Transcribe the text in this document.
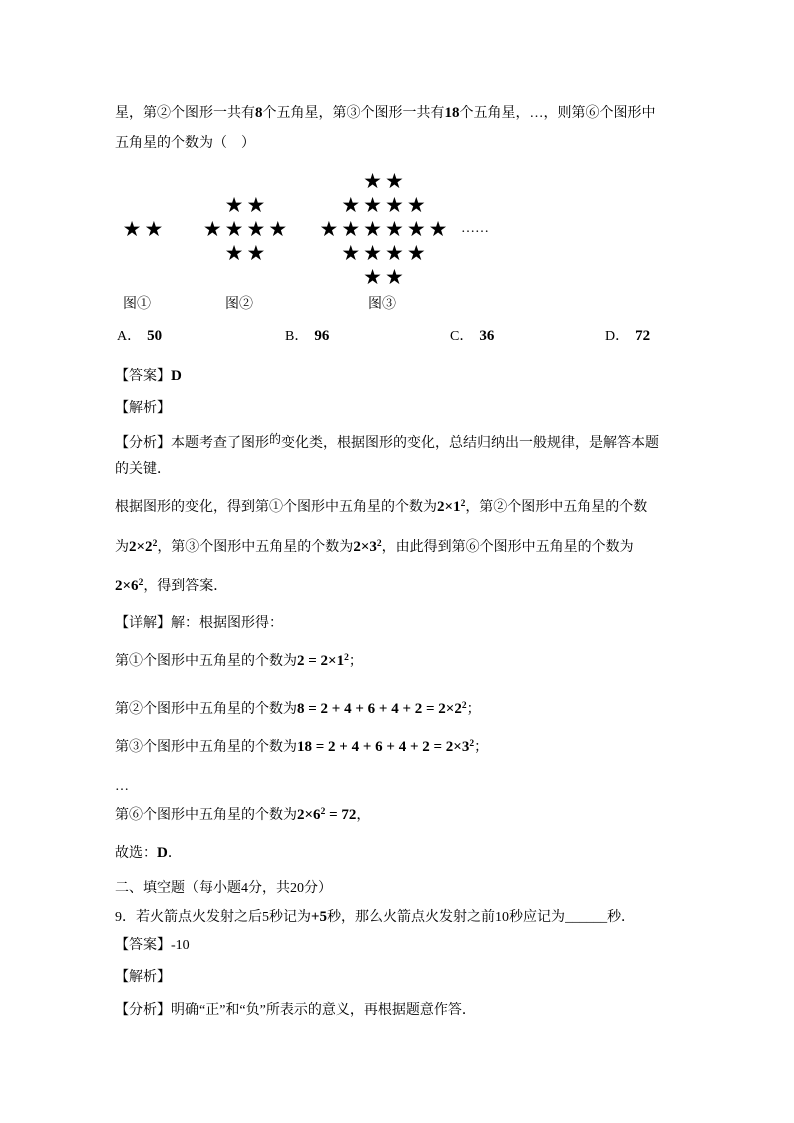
星，第②个图形一共有8个五角星，第③个图形一共有18个五角星，…，则第⑥个图形中
五角星的个数为（　）
★ ★
★ ★
★ ★ ★ ★
★ ★
★ ★
★ ★ ★ ★
★ ★ ★ ★ ★ ★
★ ★ ★ ★
★ ★
……
图①	图②	图③
A． 50	B． 96	C． 36	D． 72
【答案】D
【解析】
【分析】本题考查了图形的变化类，根据图形的变化，总结归纳出一般规律，是解答本题
的关键．
根据图形的变化，得到第①个图形中五角星的个数为$2\times 1^2$，第②个图形中五角星的个数
为$2\times 2^2$，第③个图形中五角星的个数为$2\times 3^2$，由此得到第⑥个图形中五角星的个数为
$2\times 6^2$，得到答案．
【详解】解：根据图形得：
第①个图形中五角星的个数为$2 = 2\times 1^2$；
第②个图形中五角星的个数为$8 = 2 + 4 + 6 + 4 + 2 = 2\times 2^2$；
第③个图形中五角星的个数为$18 = 2 + 4 + 6 + 4 + 2 = 2\times 3^2$；
…
第⑥个图形中五角星的个数为$2\times 6^2 = 72$，
故选：D．
二、填空题（每小题4分，共20分）
9．若火箭点火发射之后5秒记为+5秒，那么火箭点火发射之前10秒应记为______秒．
【答案】-10
【解析】
【分析】明确“正”和“负”所表示的意义，再根据题意作答．
